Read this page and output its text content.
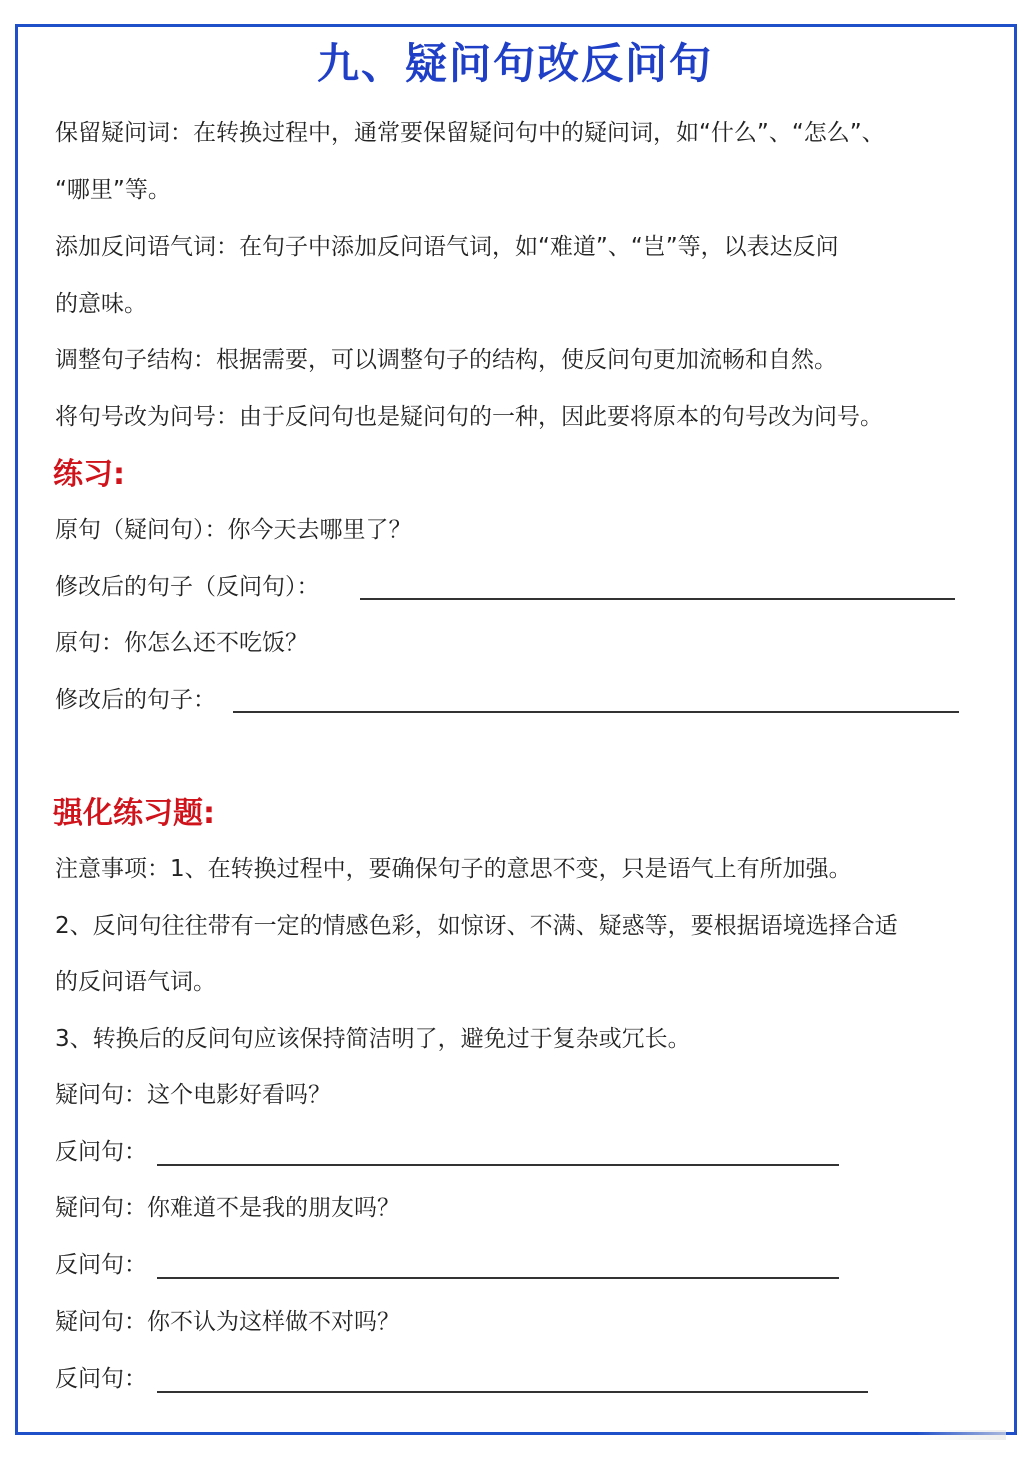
九、疑问句改反问句
保留疑问词：在转换过程中，通常要保留疑问句中的疑问词，如“什么”、“怎么”、
“哪里”等。
添加反问语气词：在句子中添加反问语气词，如“难道”、“岂”等，以表达反问
的意味。
调整句子结构：根据需要，可以调整句子的结构，使反问句更加流畅和自然。
将句号改为问号：由于反问句也是疑问句的一种，因此要将原本的句号改为问号。
练习:
原句（疑问句）：你今天去哪里了？
修改后的句子（反问句）：
原句：你怎么还不吃饭？
修改后的句子：
强化练习题:
注意事项：1、在转换过程中，要确保句子的意思不变，只是语气上有所加强。
2、反问句往往带有一定的情感色彩，如惊讶、不满、疑惑等，要根据语境选择合适
的反问语气词。
3、转换后的反问句应该保持简洁明了，避免过于复杂或冗长。
疑问句：这个电影好看吗？
反问句：
疑问句：你难道不是我的朋友吗？
反问句：
疑问句：你不认为这样做不对吗？
反问句：
